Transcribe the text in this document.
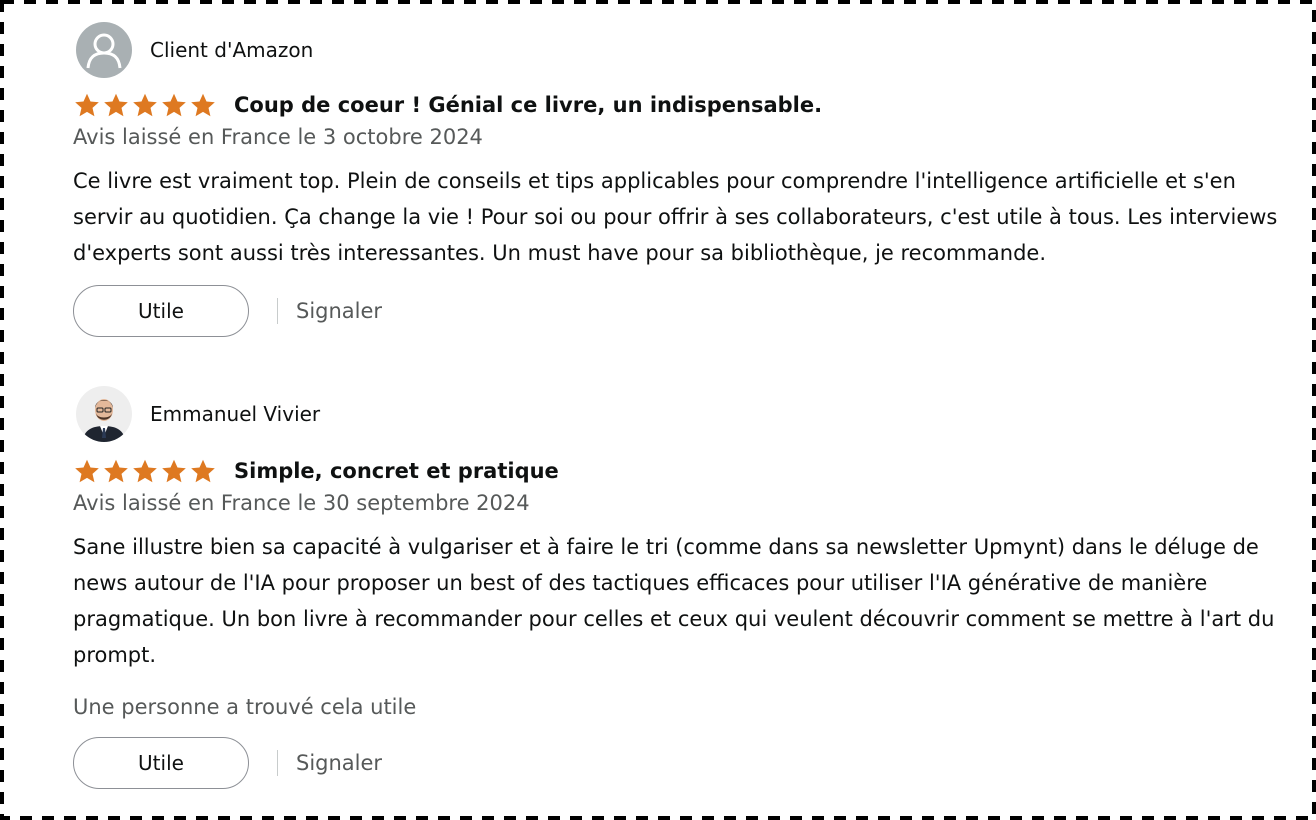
Client d'Amazon
Coup de coeur ! Génial ce livre, un indispensable.
Avis laissé en France le 3 octobre 2024
Ce livre est vraiment top. Plein de conseils et tips applicables pour comprendre l'intelligence artificielle et s'en servir au quotidien. Ça change la vie ! Pour soi ou pour offrir à ses collaborateurs, c'est utile à tous. Les interviews d'experts sont aussi très interessantes. Un must have pour sa bibliothèque, je recommande.
Utile	Signaler
Emmanuel Vivier
Simple, concret et pratique
Avis laissé en France le 30 septembre 2024
Sane illustre bien sa capacité à vulgariser et à faire le tri (comme dans sa newsletter Upmynt) dans le déluge de news autour de l'IA pour proposer un best of des tactiques efficaces pour utiliser l'IA générative de manière pragmatique. Un bon livre à recommander pour celles et ceux qui veulent découvrir comment se mettre à l'art du prompt.
Une personne a trouvé cela utile
Utile	Signaler
